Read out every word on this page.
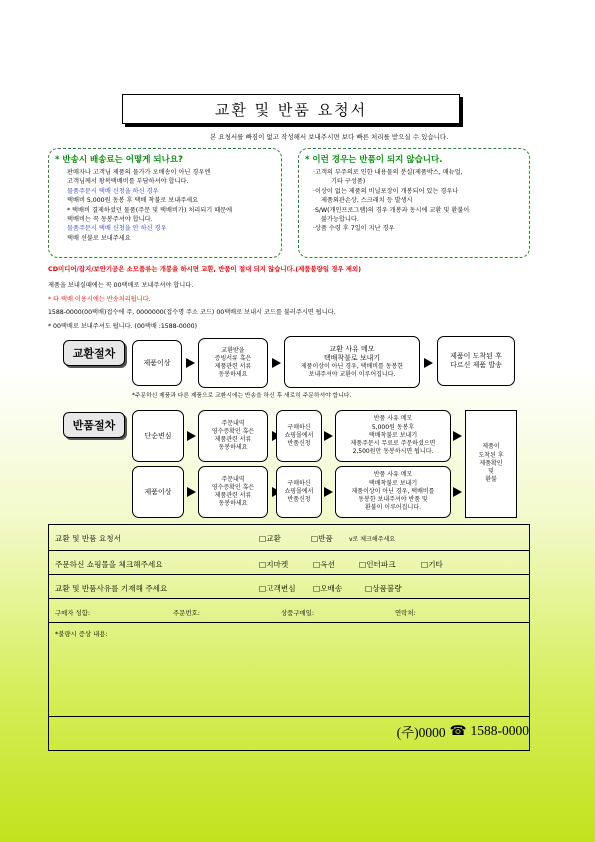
교환 및 반품 요청서
본 요청서를 빠짐이 없고 작성해서 보내주시면 보다 빠른 처리를 받으실 수 있습니다.
* 반송시 배송료는 어떻게 되나요?
판매자나 고객님 제품의 물가가 오배송이 아닌 경우엔
고객님께서 왕복택배비를 부담하셔야 합니다.
물품주문시 택배 신청을 하신 경우
택배비 5,000원 동봉 후 택배 착불로 보내주세요
* 택배비 결제하셨던 물품(주문 및 택배비가) 처리되기 때문에
택배비는 꼭 동봉주셔야 합니다.
물품주문시 택배 신청을 안 하신 경우
택배 선불로 보내주세요
* 이런 경우는 반품이 되지 않습니다.
·고객의 부주의로 인한 내용물의 분실(제품박스, 매뉴얼,
기타 구성품)
·이상이 없는 제품의 비닐포장이 개봉되어 있는 경우나
제품외관손상, 스크래치 등 발생시
·S/W(개인프로그램)의 경우 개봉과 동시에 교환 및 환불이
불가능합니다.
·상품 수령 후 7일이 지난 경우
CD미디어/잡지/보안기공은 소모품류는 개봉을 하시면 교환, 반품이 절대 되지 않습니다.(제품불량일 경우 제외)
제품을 보내실때에는 꼭 00택배로 보내주셔야 합니다.
* 타 택배 이용시에는 반송처리됩니다.
1588-0000(00택배)접수에 주, 0000000(접수명 주소 코드) 00택배로 보내시 코드를 불러주시면 됩니다.
* 00택배로 보내주셔도 됩니다. (00택배 :1588-0000)
교환절차
제품이상
교환받을
증빙서류 혹은
제품관련 서류
동봉하세요
교환 사유 메모
택배착불로 보내기
제품이상이 아닌 경우, 택배비를 동봉한
보내주셔야 교환이 이루어집니다.
제품이 도착된 후
다르신 제품 발송
*주문하신 제품과 다른 제품으로 교환시에는 반송을 하신 후 새로히 주문하셔야 합니다.
반품절차
단순변심
주문내역
영수증확인 혹은
제품관련 서류
동봉하세요
구매하신
쇼핑몰에서
반품신청
반품 사유 메모
5,000원 동봉후
택배착불로 보내기
제품주문시 무료로 주문하셨으면
2,500원만 동봉하시면 됩니다.
제품이상
주문내역
영수증확인 혹은
제품관련 서류
동봉하세요
구매하신
쇼핑몰에서
반품신청
반품 사유 메모
택배착불로 보내기
제품이상이 아닌 경우, 택배비를
동봉한 보내주셔야 반품 및
환불이 이루어집니다.
제품이
도착된 후
제품확인
및
환불
교환 및 반품 요청서	□ 교환	□ 반품	v로 체크해주세요
주문하신 쇼핑몰을 체크해주세요	□ 지마켓	□ 옥션	□ 인터파크	□ 기타
교환 및 반품사유를 기재해 주세요	□ 고객변심	□ 오배송	□ 상품불량
구매자 성함:	주문번호:	상품구매일:	연락처:
*불량시 증상 내용:
(주)0000 ☎ 1588-0000
